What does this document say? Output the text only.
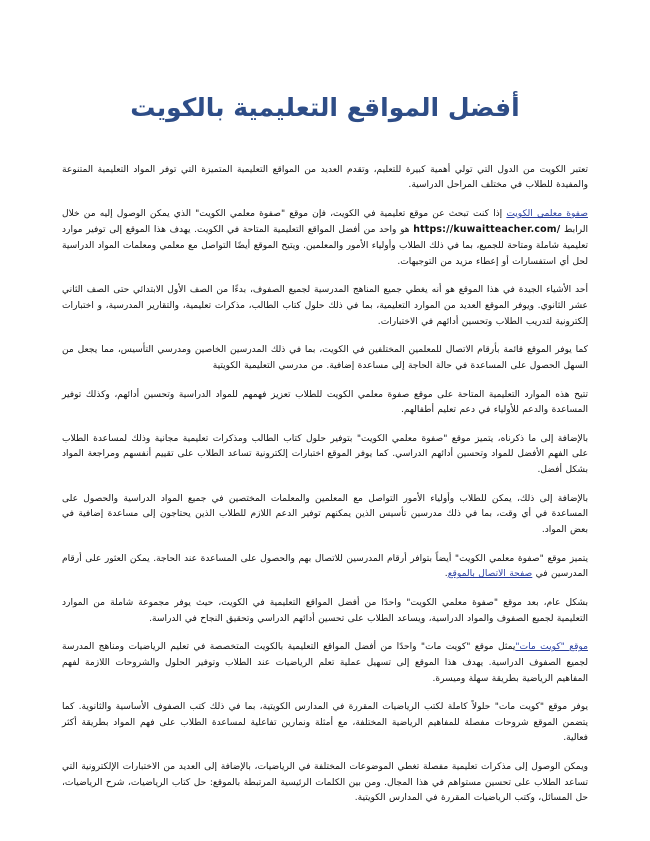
أفضل المواقع التعليمية بالكويت

تعتبر الكويت من الدول التي تولي أهمية كبيرة للتعليم، وتقدم العديد من المواقع التعليمية المتميزة التي توفر المواد التعليمية المتنوعة والمفيدة للطلاب في مختلف المراحل الدراسية.

صفوة معلمي الكويت إذا كنت تبحث عن موقع تعليمية في الكويت، فإن موقع "صفوة معلمي الكويت" الذي يمكن الوصول إليه من خلال الرابط https://kuwaitteacher.com/ هو واحد من أفضل المواقع التعليمية المتاحة في الكويت. يهدف هذا الموقع إلى توفير موارد تعليمية شاملة ومتاحة للجميع، بما في ذلك الطلاب وأولياء الأمور والمعلمين. ويتيح الموقع أيضًا التواصل مع معلمي ومعلمات المواد الدراسية لحل أي استفسارات أو إعطاء مزيد من التوجيهات.

أحد الأشياء الجيدة في هذا الموقع هو أنه يغطي جميع المناهج المدرسية لجميع الصفوف، بدءًا من الصف الأول الابتدائي حتى الصف الثاني عشر الثانوي. ويوفر الموقع العديد من الموارد التعليمية، بما في ذلك حلول كتاب الطالب، مذكرات تعليمية، والتقارير المدرسية، و اختبارات إلكترونية لتدريب الطلاب وتحسين أدائهم في الاختبارات.

كما يوفر الموقع قائمة بأرقام الاتصال للمعلمين المختلفين في الكويت، بما في ذلك المدرسين الخاصين ومدرسي التأسيس، مما يجعل من السهل الحصول على المساعدة في حالة الحاجة إلى مساعدة إضافية. من مدرسي التعليمية الكويتية

تتيح هذه الموارد التعليمية المتاحة على موقع صفوة معلمي الكويت للطلاب تعزيز فهمهم للمواد الدراسية وتحسين أدائهم، وكذلك توفير المساعدة والدعم للأولياء في دعم تعليم أطفالهم.

بالإضافة إلى ما ذكرناه، يتميز موقع "صفوة معلمي الكويت" بتوفير حلول كتاب الطالب ومذكرات تعليمية مجانية وذلك لمساعدة الطلاب على الفهم الأفضل للمواد وتحسين أدائهم الدراسي. كما يوفر الموقع اختبارات إلكترونية تساعد الطلاب على تقييم أنفسهم ومراجعة المواد بشكل أفضل.

بالإضافة إلى ذلك، يمكن للطلاب وأولياء الأمور التواصل مع المعلمين والمعلمات المختصين في جميع المواد الدراسية والحصول على المساعدة في أي وقت، بما في ذلك مدرسين تأسيس الذين يمكنهم توفير الدعم اللازم للطلاب الذين يحتاجون إلى مساعدة إضافية في بعض المواد.

يتميز موقع "صفوة معلمي الكويت" أيضاً بتوافر أرقام المدرسين للاتصال بهم والحصول على المساعدة عند الحاجة. يمكن العثور على أرقام المدرسين في صفحة الاتصال بالموقع.

بشكل عام، بعد موقع "صفوة معلمي الكويت" واحدًا من أفضل المواقع التعليمية في الكويت، حيث يوفر مجموعة شاملة من الموارد التعليمية لجميع الصفوف والمواد الدراسية، ويساعد الطلاب على تحسين أدائهم الدراسي وتحقيق النجاح في الدراسة.

موقع "كويت مات"يمثل موقع "كويت مات" واحدًا من أفضل المواقع التعليمية بالكويت المتخصصة في تعليم الرياضيات ومناهج المدرسة لجميع الصفوف الدراسية. يهدف هذا الموقع إلى تسهيل عملية تعلم الرياضيات عند الطلاب وتوفير الحلول والشروحات اللازمة لفهم المفاهيم الرياضية بطريقة سهلة وميسرة.

يوفر موقع "كويت مات" حلولاً كاملة لكتب الرياضيات المقررة في المدارس الكويتية، بما في ذلك كتب الصفوف الأساسية والثانوية. كما يتضمن الموقع شروحات مفصلة للمفاهيم الرياضية المختلفة، مع أمثلة ونمارين تفاعلية لمساعدة الطلاب على فهم المواد بطريقة أكثر فعالية.

ويمكن الوصول إلى مذكرات تعليمية مفصلة تغطي الموضوعات المختلفة في الرياضيات، بالإضافة إلى العديد من الاختبارات الإلكترونية التي تساعد الطلاب على تحسين مستواهم في هذا المجال. ومن بين الكلمات الرئيسية المرتبطة بالموقع: حل كتاب الرياضيات، شرح الرياضيات، حل المسائل، وكتب الرياضيات المقررة في المدارس الكويتية.
